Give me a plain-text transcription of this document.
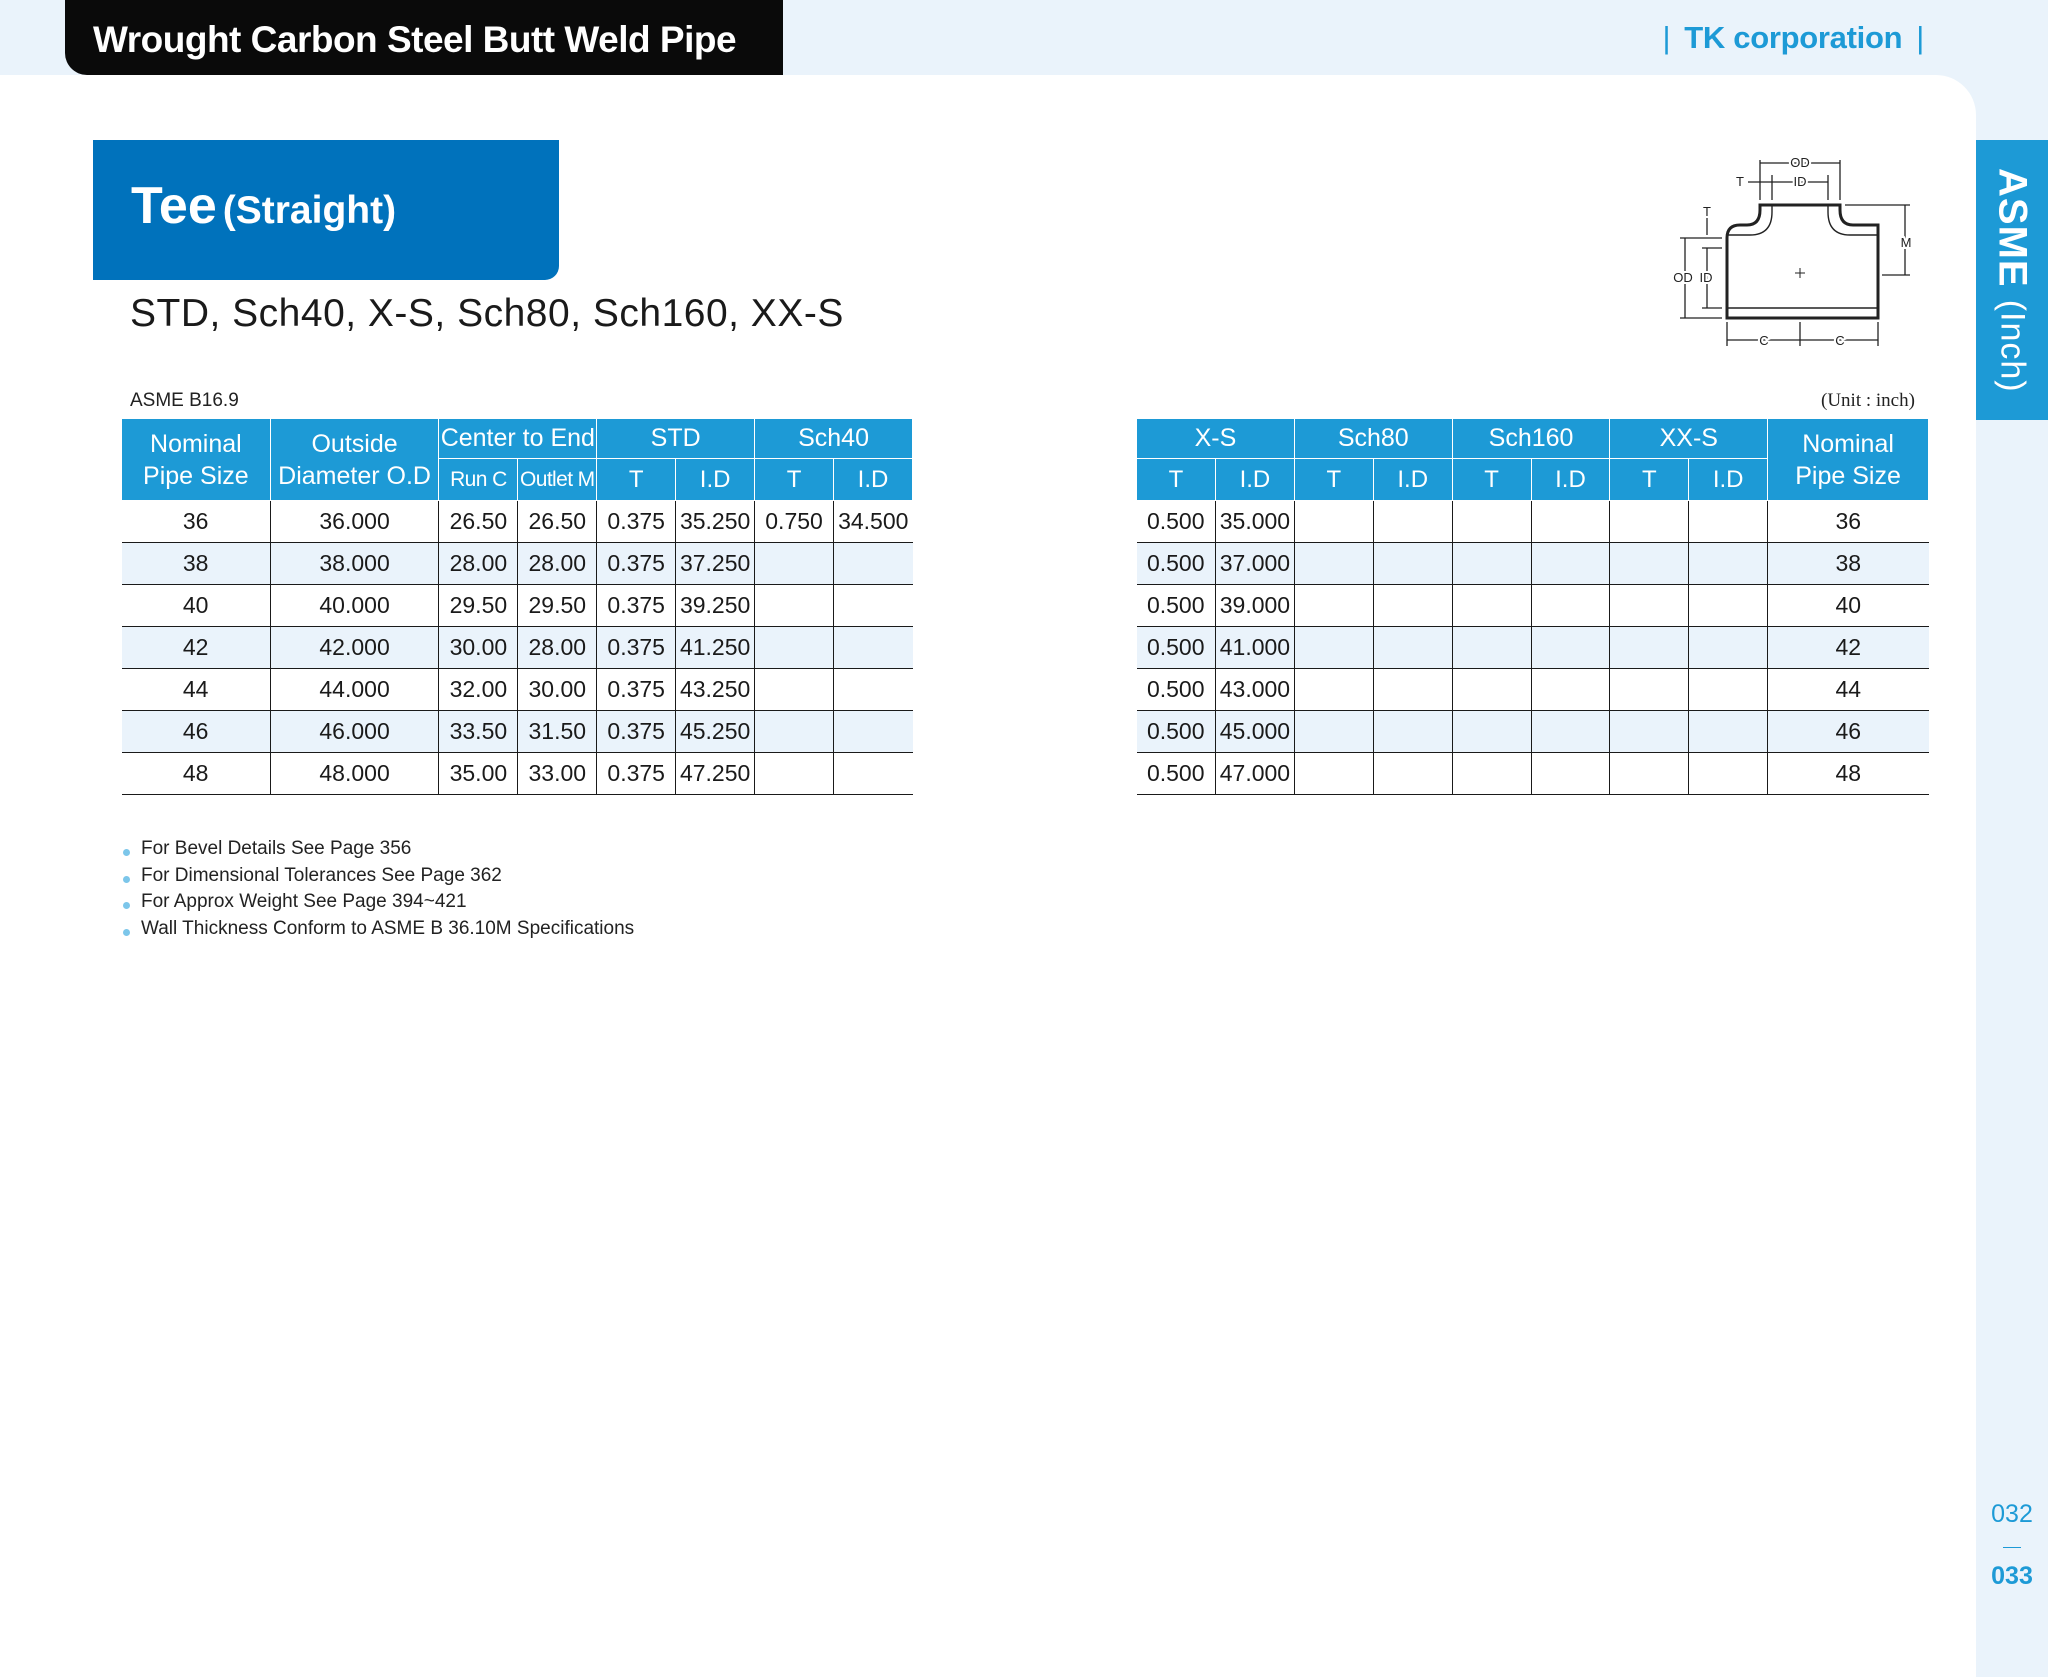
Wrought Carbon Steel Butt Weld Pipe Fittings
| TK corporation |
Tee (Straight)
STD, Sch40, X-S, Sch80, Sch160, XX-S
ASME B16.9	(Unit : inch)
ASME (Inch)
032
033
OD
ID
T
T
OD ID
M
C	C
Nominal
Pipe Size	Outside
Diameter O.D	Center to End		STD		Sch40	
		Run C	Outlet M	T	I.D	T	I.D
36	36.000	26.50	26.50	0.375	35.250	0.750	34.500
38	38.000	28.00	28.00	0.375	37.250		
40	40.000	29.50	29.50	0.375	39.250		
42	42.000	30.00	28.00	0.375	41.250		
44	44.000	32.00	30.00	0.375	43.250		
46	46.000	33.50	31.50	0.375	45.250		
48	48.000	35.00	33.00	0.375	47.250		
X-S		Sch80		Sch160		XX-S		Nominal
Pipe Size
T	I.D	T	I.D	T	I.D	T	I.D	
0.500	35.000							36
0.500	37.000							38
0.500	39.000							40
0.500	41.000							42
0.500	43.000							44
0.500	45.000							46
0.500	47.000							48
For Bevel Details See Page 356
For Dimensional Tolerances See Page 362
For Approx Weight See Page 394~421
Wall Thickness Conform to ASME B 36.10M Specifications
